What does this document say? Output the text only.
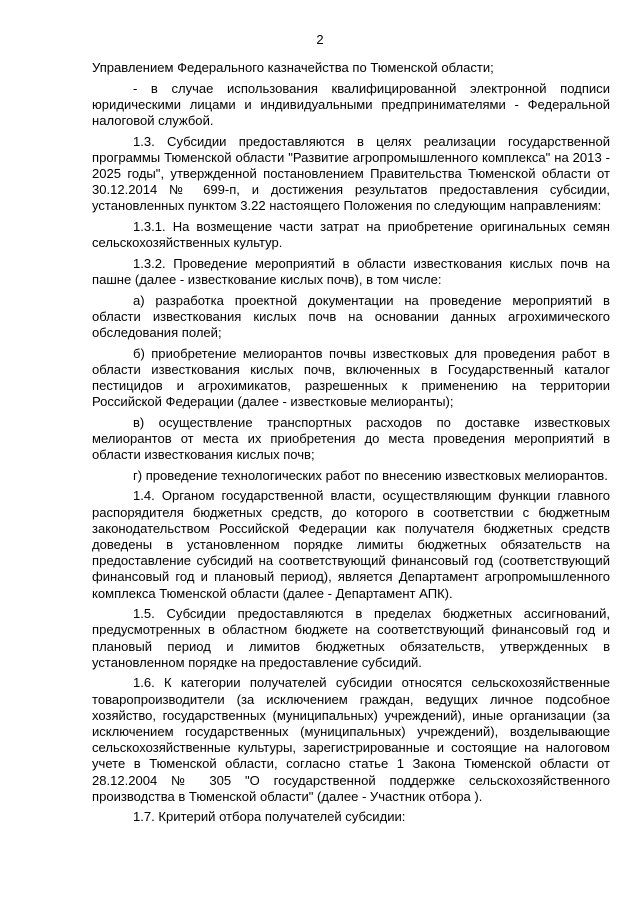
2

Управлением Федерального казначейства по Тюменской области;

- в случае использования квалифицированной электронной подписи юридическими лицами и индивидуальными предпринимателями - Федеральной налоговой службой.

1.3. Субсидии предоставляются в целях реализации государственной программы Тюменской области "Развитие агропромышленного комплекса" на 2013 - 2025 годы", утвержденной постановлением Правительства Тюменской области от 30.12.2014 № 699-п, и достижения результатов предоставления субсидии, установленных пунктом 3.22 настоящего Положения по следующим направлениям:

1.3.1. На возмещение части затрат на приобретение оригинальных семян сельскохозяйственных культур.

1.3.2. Проведение мероприятий в области известкования кислых почв на пашне (далее - известкование кислых почв), в том числе:

а) разработка проектной документации на проведение мероприятий в области известкования кислых почв на основании данных агрохимического обследования полей;

б) приобретение мелиорантов почвы известковых для проведения работ в области известкования кислых почв, включенных в Государственный каталог пестицидов и агрохимикатов, разрешенных к применению на территории Российской Федерации (далее - известковые мелиоранты);

в) осуществление транспортных расходов по доставке известковых мелиорантов от места их приобретения до места проведения мероприятий в области известкования кислых почв;

г) проведение технологических работ по внесению известковых мелиорантов.

1.4. Органом государственной власти, осуществляющим функции главного распорядителя бюджетных средств, до которого в соответствии с бюджетным законодательством Российской Федерации как получателя бюджетных средств доведены в установленном порядке лимиты бюджетных обязательств на предоставление субсидий на соответствующий финансовый год (соответствующий финансовый год и плановый период), является Департамент агропромышленного комплекса Тюменской области (далее - Департамент АПК).

1.5. Субсидии предоставляются в пределах бюджетных ассигнований, предусмотренных в областном бюджете на соответствующий финансовый год и плановый период и лимитов бюджетных обязательств, утвержденных в установленном порядке на предоставление субсидий.

1.6. К категории получателей субсидии относятся сельскохозяйственные товаропроизводители (за исключением граждан, ведущих личное подсобное хозяйство, государственных (муниципальных) учреждений), иные организации (за исключением государственных (муниципальных) учреждений), возделывающие сельскохозяйственные культуры, зарегистрированные и состоящие на налоговом учете в Тюменской области, согласно статье 1 Закона Тюменской области от 28.12.2004 № 305 "О государственной поддержке сельскохозяйственного производства в Тюменской области" (далее - Участник отбора ).

1.7. Критерий отбора получателей субсидии:
